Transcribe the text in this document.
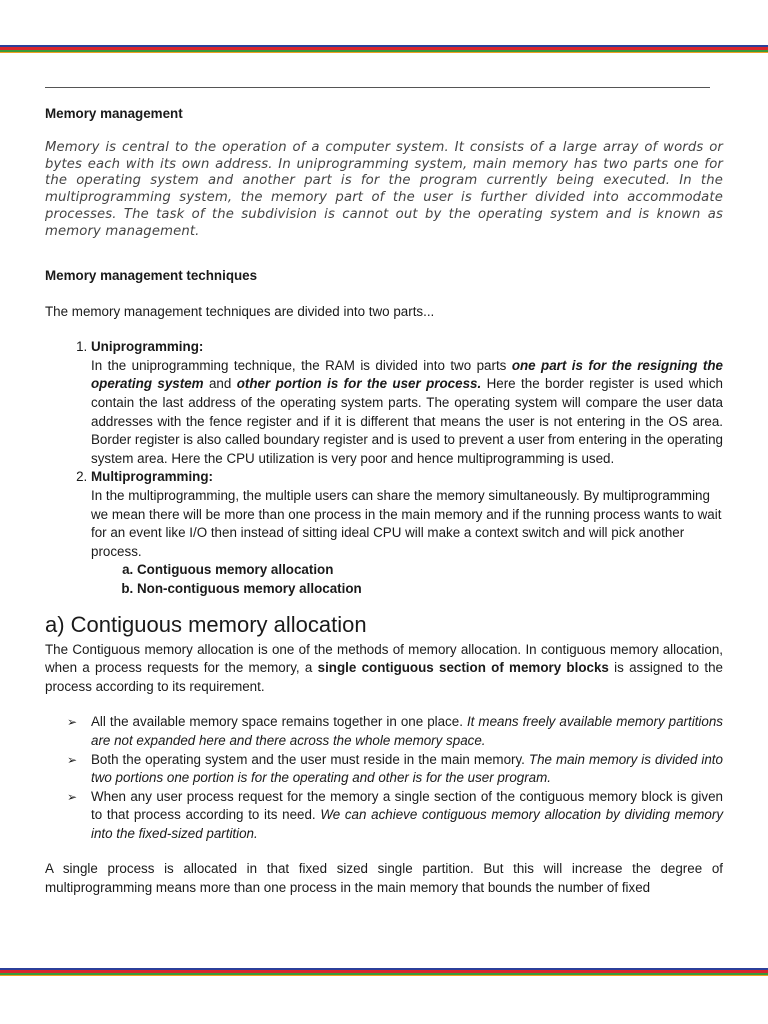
Memory management

Memory is central to the operation of a computer system. It consists of a large array of words or bytes each with its own address. In uniprogramming system, main memory has two parts one for the operating system and another part is for the program currently being executed. In the multiprogramming system, the memory part of the user is further divided into accommodate processes. The task of the subdivision is cannot out by the operating system and is known as memory management.

Memory management techniques

The memory management techniques are divided into two parts...

1. Uniprogramming:
In the uniprogramming technique, the RAM is divided into two parts one part is for the resigning the operating system and other portion is for the user process. Here the border register is used which contain the last address of the operating system parts. The operating system will compare the user data addresses with the fence register and if it is different that means the user is not entering in the OS area. Border register is also called boundary register and is used to prevent a user from entering in the operating system area. Here the CPU utilization is very poor and hence multiprogramming is used.
2. Multiprogramming:
In the multiprogramming, the multiple users can share the memory simultaneously. By multiprogramming we mean there will be more than one process in the main memory and if the running process wants to wait for an event like I/O then instead of sitting ideal CPU will make a context switch and will pick another process.
a. Contiguous memory allocation
b. Non-contiguous memory allocation
a) Contiguous memory allocation

The Contiguous memory allocation is one of the methods of memory allocation. In contiguous memory allocation, when a process requests for the memory, a single contiguous section of memory blocks is assigned to the process according to its requirement.

➢ All the available memory space remains together in one place. It means freely available memory partitions are not expanded here and there across the whole memory space.
➢ Both the operating system and the user must reside in the main memory. The main memory is divided into two portions one portion is for the operating and other is for the user program.
➢ When any user process request for the memory a single section of the contiguous memory block is given to that process according to its need. We can achieve contiguous memory allocation by dividing memory into the fixed-sized partition.

A single process is allocated in that fixed sized single partition. But this will increase the degree of multiprogramming means more than one process in the main memory that bounds the number of fixed
